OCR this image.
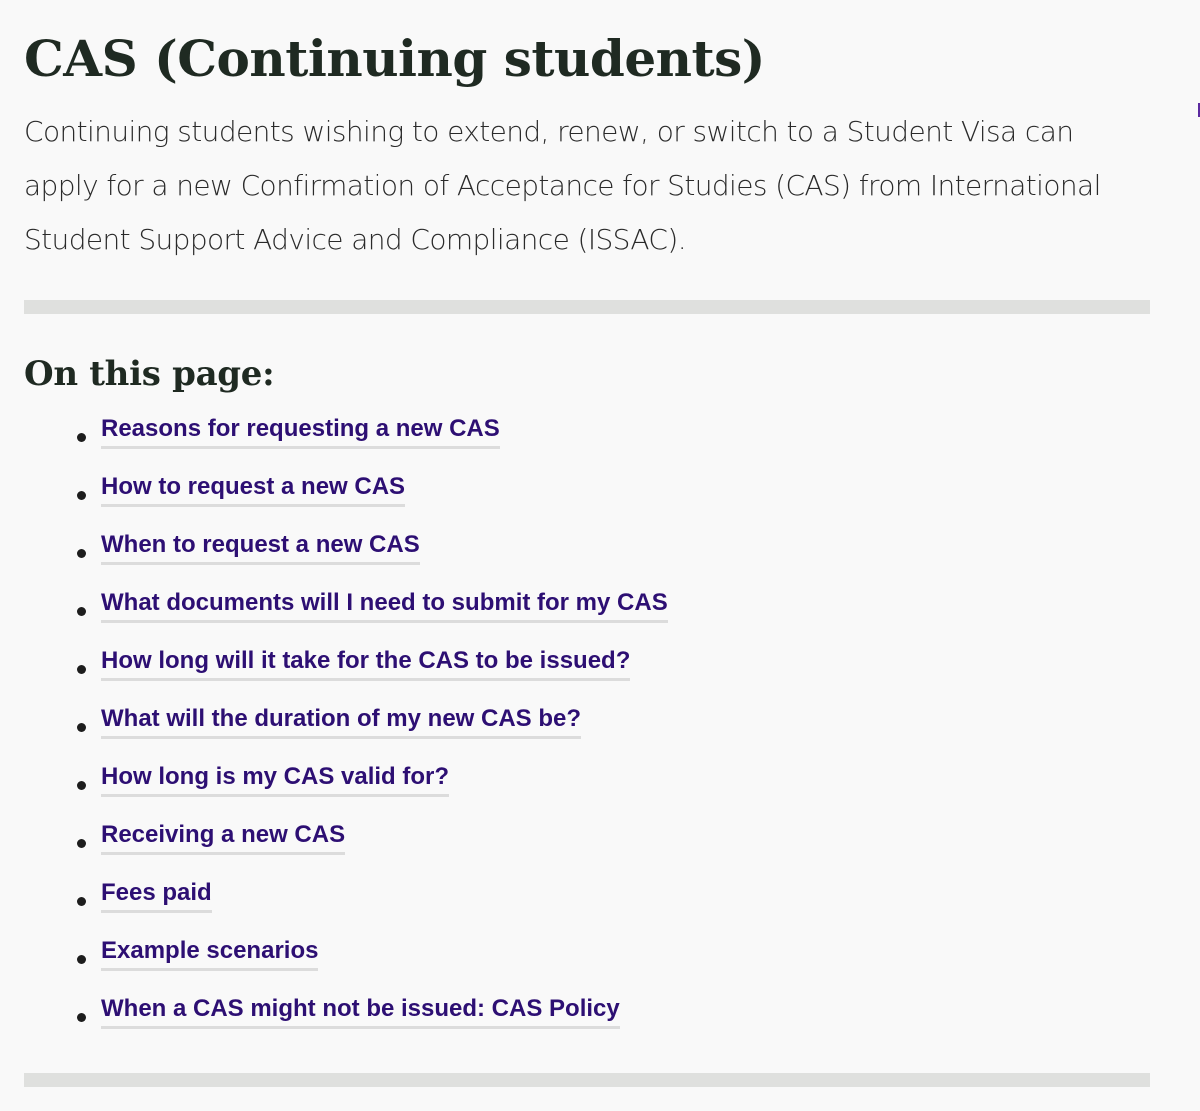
CAS (Continuing students)

Continuing students wishing to extend, renew, or switch to a Student Visa can apply for a new Confirmation of Acceptance for Studies (CAS) from International Student Support Advice and Compliance (ISSAC).

On this page:
Reasons for requesting a new CAS
How to request a new CAS
When to request a new CAS
What documents will I need to submit for my CAS
How long will it take for the CAS to be issued?
What will the duration of my new CAS be?
How long is my CAS valid for?
Receiving a new CAS
Fees paid
Example scenarios
When a CAS might not be issued: CAS Policy
